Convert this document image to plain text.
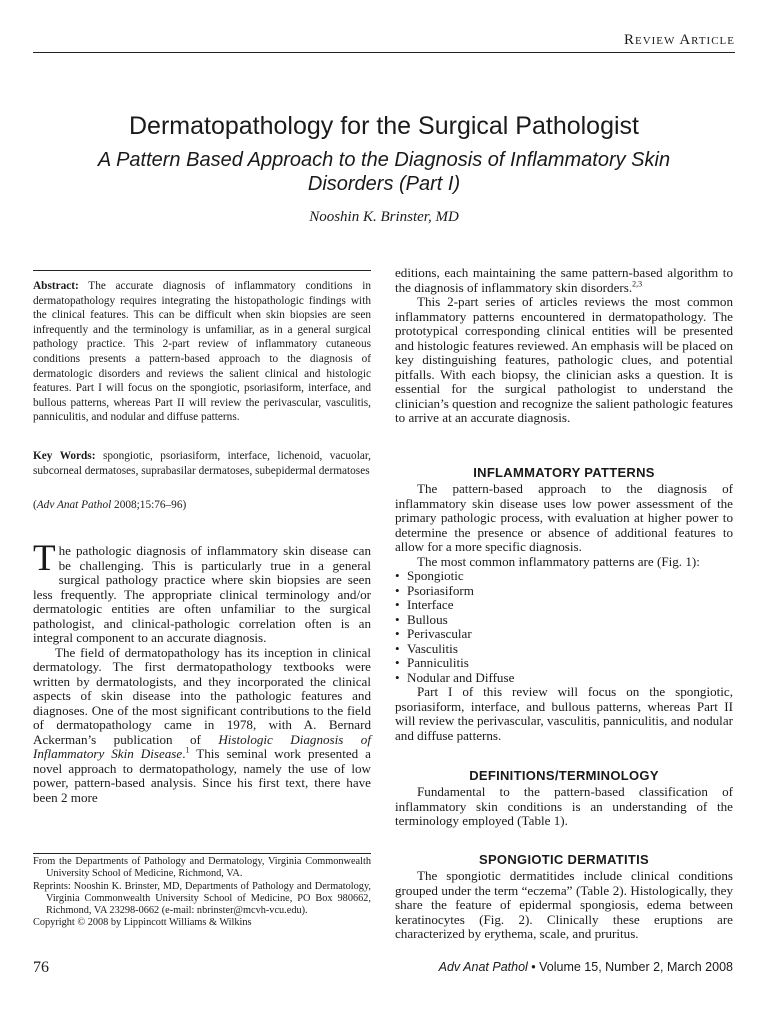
Review Article
Dermatopathology for the Surgical Pathologist
A Pattern Based Approach to the Diagnosis of Inflammatory Skin Disorders (Part I)
Nooshin K. Brinster, MD

Abstract: The accurate diagnosis of inflammatory conditions in dermatopathology requires integrating the histopathologic findings with the clinical features. This can be difficult when skin biopsies are seen infrequently and the terminology is unfamiliar, as in a general surgical pathology practice. This 2-part review of inflammatory cutaneous conditions presents a pattern-based approach to the diagnosis of dermatologic disorders and reviews the salient clinical and histologic features. Part I will focus on the spongiotic, psoriasiform, interface, and bullous patterns, whereas Part II will review the perivascular, vasculitis, panniculitis, and nodular and diffuse patterns.

Key Words: spongiotic, psoriasiform, interface, lichenoid, vacuolar, subcorneal dermatoses, suprabasilar dermatoses, subepidermal dermatoses

(Adv Anat Pathol 2008;15:76–96)

The pathologic diagnosis of inflammatory skin disease can be challenging. This is particularly true in a general surgical pathology practice where skin biopsies are seen less frequently. The appropriate clinical terminology and/or dermatologic entities are often unfamiliar to the surgical pathologist, and clinical-pathologic correlation often is an integral component to an accurate diagnosis.

The field of dermatopathology has its inception in clinical dermatology. The first dermatopathology textbooks were written by dermatologists, and they incorporated the clinical aspects of skin disease into the pathologic features and diagnoses. One of the most significant contributions to the field of dermatopathology came in 1978, with A. Bernard Ackerman’s publication of Histologic Diagnosis of Inflammatory Skin Disease.$^1$ This seminal work presented a novel approach to dermatopathology, namely the use of low power, pattern-based analysis. Since his first text, there have been 2 more

From the Departments of Pathology and Dermatology, Virginia Commonwealth University School of Medicine, Richmond, VA.

Reprints: Nooshin K. Brinster, MD, Departments of Pathology and Dermatology, Virginia Commonwealth University School of Medicine, PO Box 980662, Richmond, VA 23298-0662 (e-mail: nbrinster@mcvh-vcu.edu).

Copyright © 2008 by Lippincott Williams & Wilkins

editions, each maintaining the same pattern-based algorithm to the diagnosis of inflammatory skin disorders.$^{2,3}$

This 2-part series of articles reviews the most common inflammatory patterns encountered in dermatopathology. The prototypical corresponding clinical entities will be presented and histologic features reviewed. An emphasis will be placed on key distinguishing features, pathologic clues, and potential pitfalls. With each biopsy, the clinician asks a question. It is essential for the surgical pathologist to understand the clinician’s question and recognize the salient pathologic features to arrive at an accurate diagnosis.

INFLAMMATORY PATTERNS

The pattern-based approach to the diagnosis of inflammatory skin disease uses low power assessment of the primary pathologic process, with evaluation at higher power to determine the presence or absence of additional features to allow for a more specific diagnosis.

The most common inflammatory patterns are (Fig. 1):

• Spongiotic
• Psoriasiform
• Interface
• Bullous
• Perivascular
• Vasculitis
• Panniculitis
• Nodular and Diffuse

Part I of this review will focus on the spongiotic, psoriasiform, interface, and bullous patterns, whereas Part II will review the perivascular, vasculitis, panniculitis, and nodular and diffuse patterns.

DEFINITIONS/TERMINOLOGY

Fundamental to the pattern-based classification of inflammatory skin conditions is an understanding of the terminology employed (Table 1).

SPONGIOTIC DERMATITIS

The spongiotic dermatitides include clinical conditions grouped under the term “eczema” (Table 2). Histologically, they share the feature of epidermal spongiosis, edema between keratinocytes (Fig. 2). Clinically these eruptions are characterized by erythema, scale, and pruritus.

76	Adv Anat Pathol • Volume 15, Number 2, March 2008
